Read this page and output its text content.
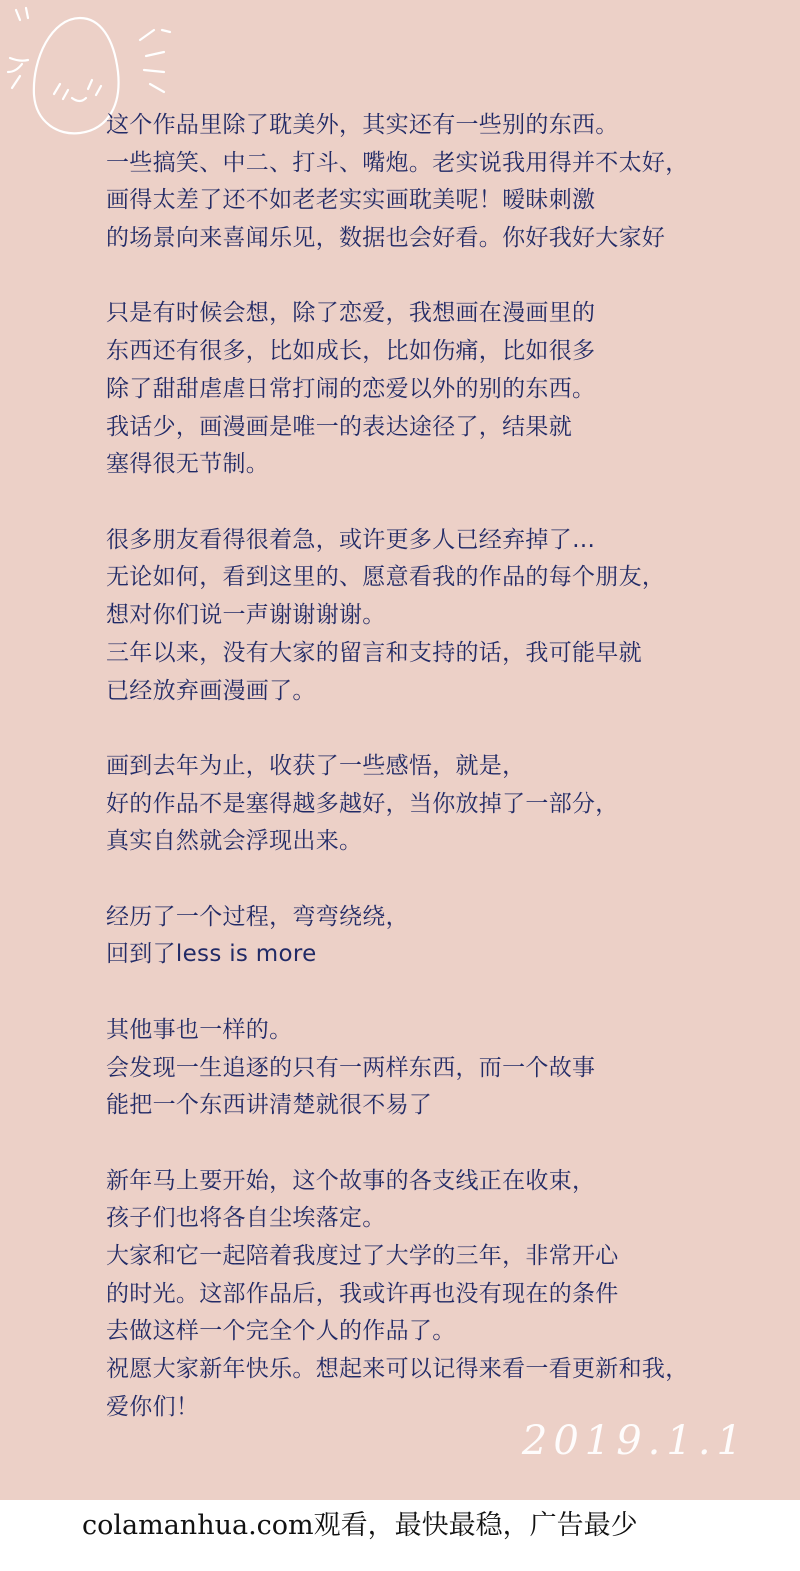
这个作品里除了耽美外，其实还有一些别的东西。
一些搞笑、中二、打斗、嘴炮。老实说我用得并不太好，
画得太差了还不如老老实实画耽美呢！暧昧刺激
的场景向来喜闻乐见，数据也会好看。你好我好大家好
只是有时候会想，除了恋爱，我想画在漫画里的
东西还有很多，比如成长，比如伤痛，比如很多
除了甜甜虐虐日常打闹的恋爱以外的别的东西。
我话少，画漫画是唯一的表达途径了，结果就
塞得很无节制。
很多朋友看得很着急，或许更多人已经弃掉了…
无论如何，看到这里的、愿意看我的作品的每个朋友，
想对你们说一声谢谢谢谢。
三年以来，没有大家的留言和支持的话，我可能早就
已经放弃画漫画了。
画到去年为止，收获了一些感悟，就是，
好的作品不是塞得越多越好，当你放掉了一部分，
真实自然就会浮现出来。
经历了一个过程，弯弯绕绕，
回到了less is more
其他事也一样的。
会发现一生追逐的只有一两样东西，而一个故事
能把一个东西讲清楚就很不易了
新年马上要开始，这个故事的各支线正在收束，
孩子们也将各自尘埃落定。
大家和它一起陪着我度过了大学的三年，非常开心
的时光。这部作品后，我或许再也没有现在的条件
去做这样一个完全个人的作品了。
祝愿大家新年快乐。想起来可以记得来看一看更新和我，
爱你们！
2019.1.1
colamanhua.com观看，最快最稳，广告最少
